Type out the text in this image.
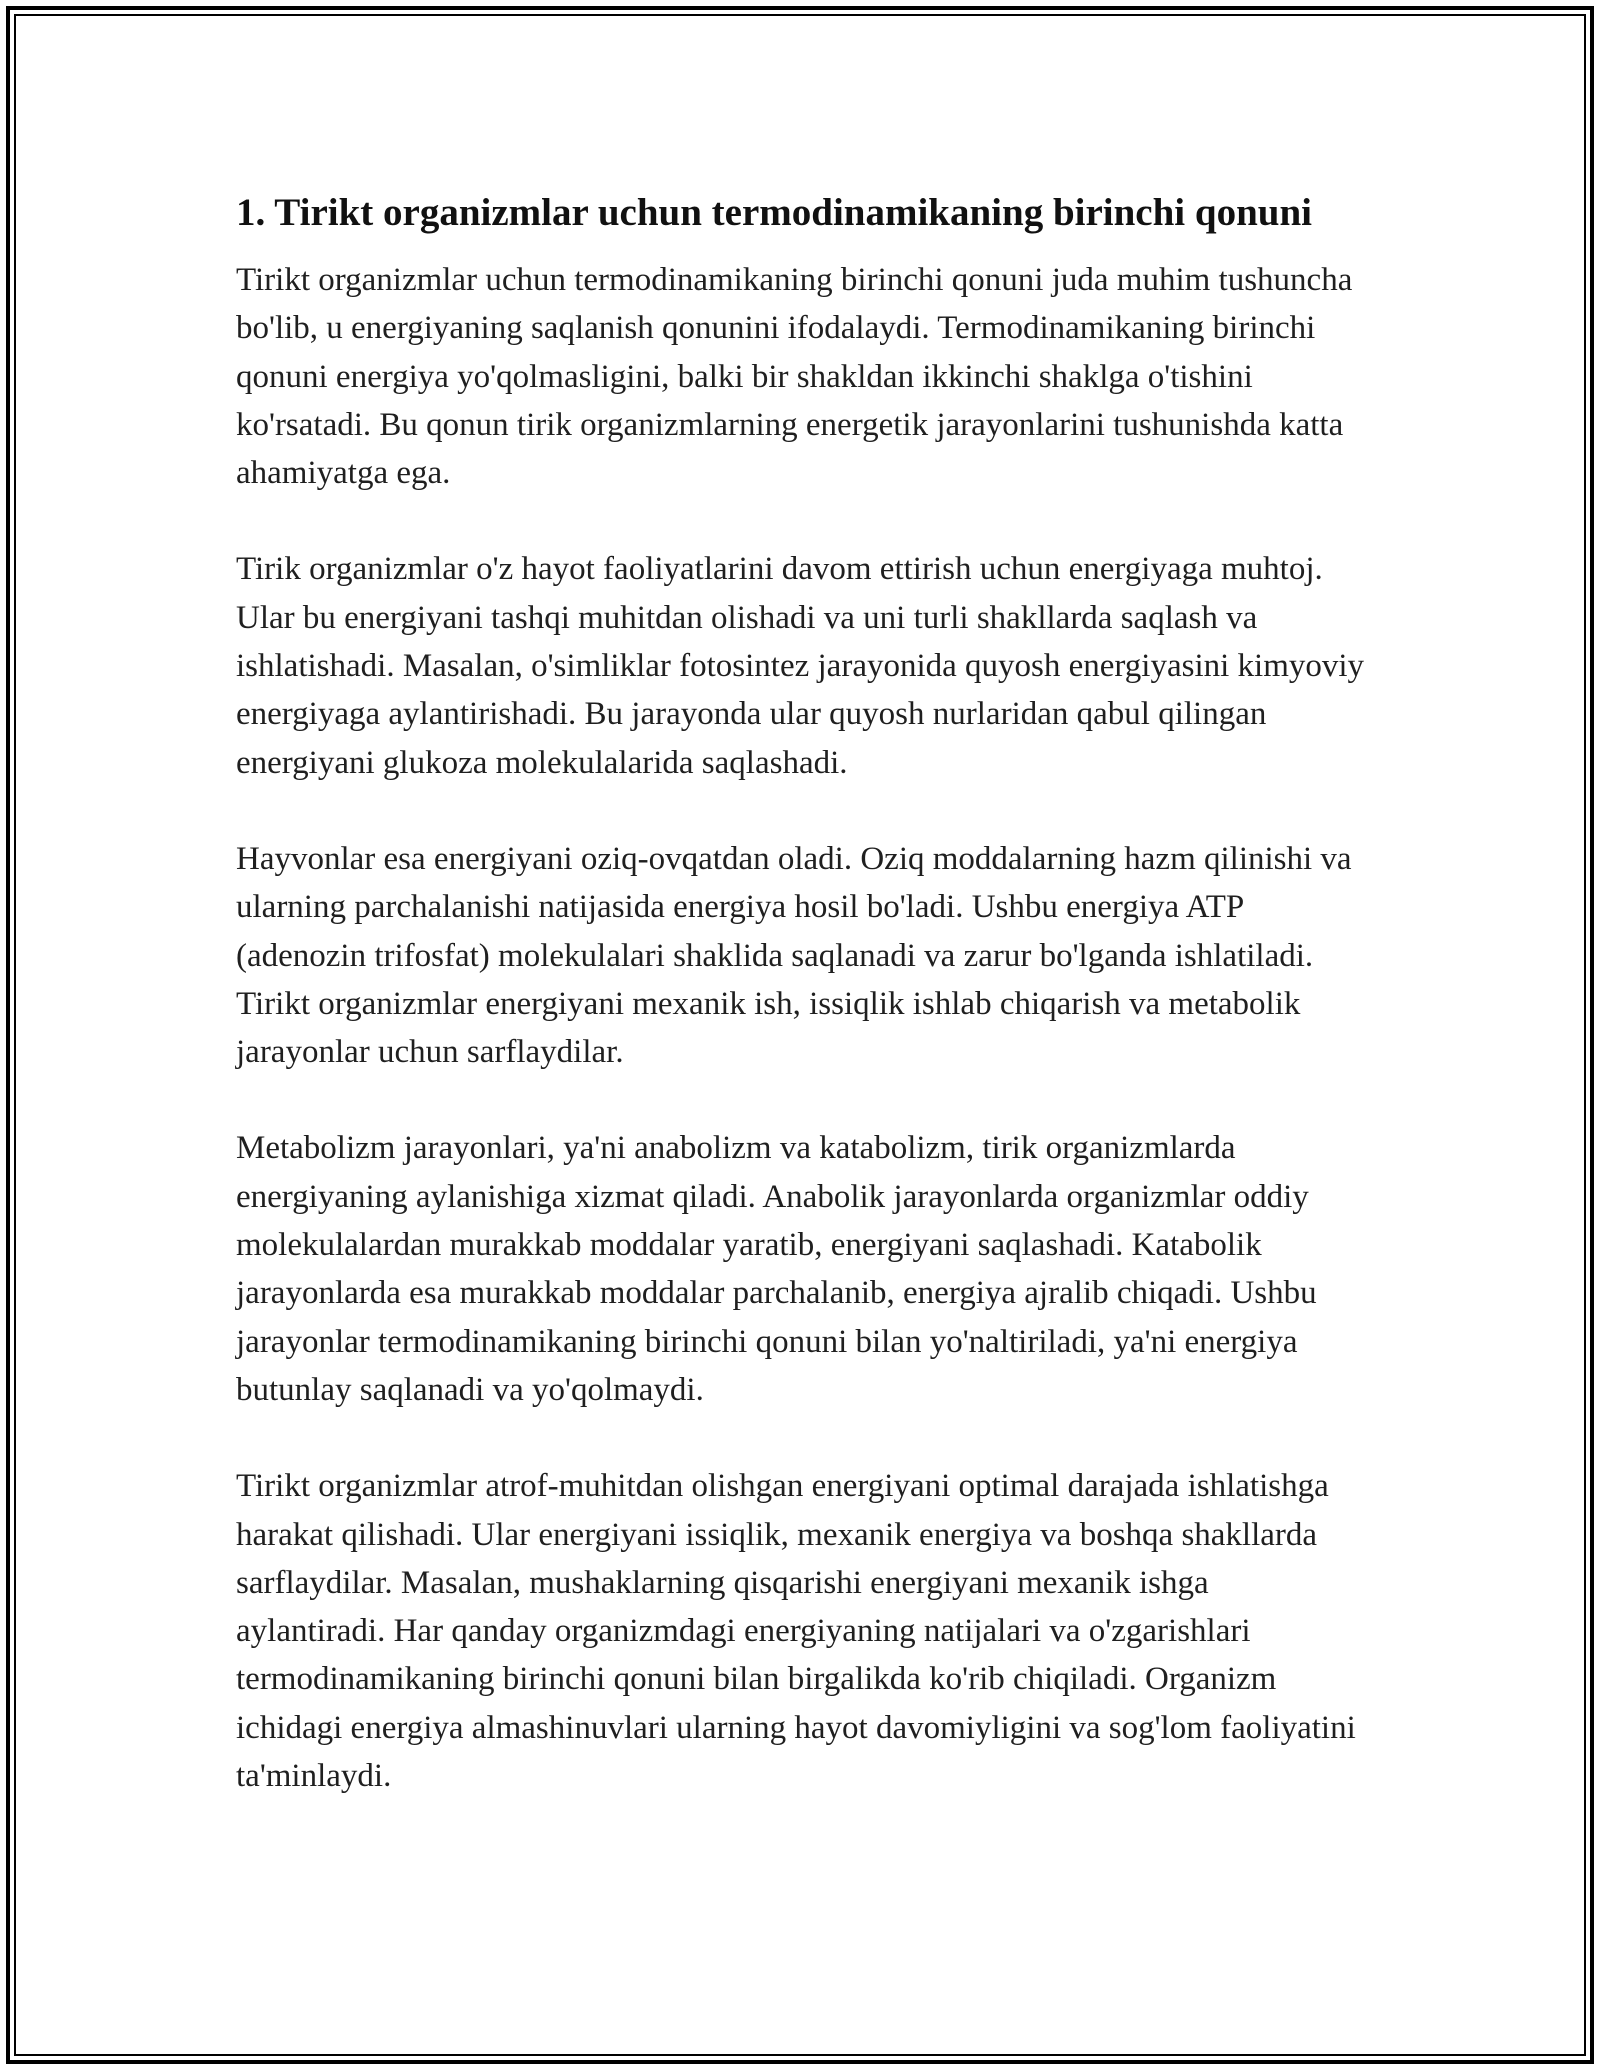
1. Tirikt organizmlar uchun termodinamikaning birinchi qonuni

Tirikt organizmlar uchun termodinamikaning birinchi qonuni juda muhim tushuncha bo'lib, u energiyaning saqlanish qonunini ifodalaydi. Termodinamikaning birinchi qonuni energiya yo'qolmasligini, balki bir shakldan ikkinchi shaklga o'tishini ko'rsatadi. Bu qonun tirik organizmlarning energetik jarayonlarini tushunishda katta ahamiyatga ega.

Tirik organizmlar o'z hayot faoliyatlarini davom ettirish uchun energiyaga muhtoj. Ular bu energiyani tashqi muhitdan olishadi va uni turli shakllarda saqlash va ishlatishadi. Masalan, o'simliklar fotosintez jarayonida quyosh energiyasini kimyoviy energiyaga aylantirishadi. Bu jarayonda ular quyosh nurlaridan qabul qilingan energiyani glukoza molekulalarida saqlashadi.

Hayvonlar esa energiyani oziq-ovqatdan oladi. Oziq moddalarning hazm qilinishi va ularning parchalanishi natijasida energiya hosil bo'ladi. Ushbu energiya ATP (adenozin trifosfat) molekulalari shaklida saqlanadi va zarur bo'lganda ishlatiladi. Tirikt organizmlar energiyani mexanik ish, issiqlik ishlab chiqarish va metabolik jarayonlar uchun sarflaydilar.

Metabolizm jarayonlari, ya'ni anabolizm va katabolizm, tirik organizmlarda energiyaning aylanishiga xizmat qiladi. Anabolik jarayonlarda organizmlar oddiy molekulalardan murakkab moddalar yaratib, energiyani saqlashadi. Katabolik jarayonlarda esa murakkab moddalar parchalanib, energiya ajralib chiqadi. Ushbu jarayonlar termodinamikaning birinchi qonuni bilan yo'naltiriladi, ya'ni energiya butunlay saqlanadi va yo'qolmaydi.

Tirikt organizmlar atrof-muhitdan olishgan energiyani optimal darajada ishlatishga harakat qilishadi. Ular energiyani issiqlik, mexanik energiya va boshqa shakllarda sarflaydilar. Masalan, mushaklarning qisqarishi energiyani mexanik ishga aylantiradi. Har qanday organizmdagi energiyaning natijalari va o'zgarishlari termodinamikaning birinchi qonuni bilan birgalikda ko'rib chiqiladi. Organizm ichidagi energiya almashinuvlari ularning hayot davomiyligini va sog'lom faoliyatini ta'minlaydi.
